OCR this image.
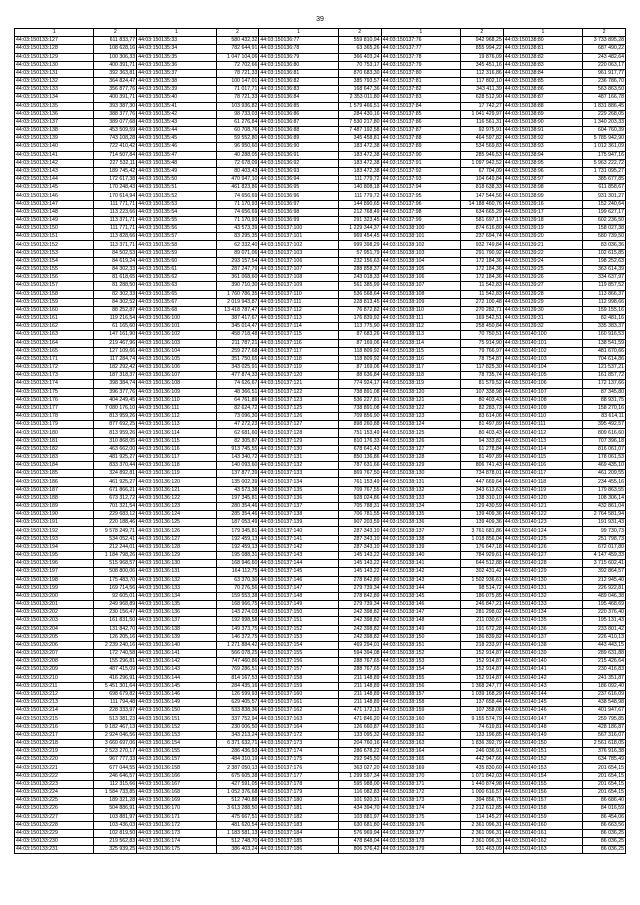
39
1	2	1	2	1	2	1	2	1	2
44:03:150133:127	611 833,77	44:03:150135:33	580 432,32	44:03:150136:77	559 810,94	44:03:150137:76	942 968,25	44:03:150138:80	3 733 895,28
44:03:150133:128	108 628,16	44:03:150135:34	782 644,91	44:03:150136:78	63 365,26	44:03:150137:77	855 994,22	44:03:150138:81	687 490,22
44:03:150133:129	100 306,33	44:03:150135:35	1 047 104,06	44:03:150136:79	366 403,24	44:03:150137:78	19 876,09	44:03:150138:82	243 482,64
44:03:150133:130	400 391,71	44:03:150135:36	72 702,66	44:03:150136:80	70 753,17	44:03:150137:79	345 451,16	44:03:150138:83	220 063,17
44:03:150133:131	392 363,81	44:03:150135:37	78 721,33	44:03:150136:81	870 683,30	44:03:150137:80	112 316,86	44:03:150138:84	961 917,77
44:03:150133:132	364 824,47	44:03:150135:38	100 147,01	44:03:150136:82	385 793,57	44:03:150137:81	117 802,10	44:03:150138:85	236 786,70
44:03:150133:133	356 877,76	44:03:150135:39	71 017,71	44:03:150136:83	168 647,36	44:03:150137:82	343 411,39	44:03:150138:86	563 863,50
44:03:150133:134	400 391,71	44:03:150135:40	78 721,33	44:03:150136:84	2 353 011,80	44:03:150137:83	628 512,90	44:03:150138:87	487 166,78
44:03:150133:135	393 387,30	44:03:150135:41	103 936,82	44:03:150136:85	1 579 466,51	44:03:150137:84	17 742,27	44:03:150138:88	1 831 886,45
44:03:150133:136	388 377,76	44:03:150135:42	98 733,03	44:03:150136:86	284 430,16	44:03:150137:85	1 041 429,97	44:03:150138:89	229 268,05
44:03:150133:137	389 077,68	44:03:150135:43	61 276,84	44:03:150136:87	7 530 217,80	44:03:150137:86	116 561,31	44:03:150138:90	1 340 203,33
44:03:150133:138	453 509,59	44:03:150135:44	60 708,76	44:03:150136:88	7 487 192,58	44:03:150137:87	92 975,91	44:03:150138:91	604 760,39
44:03:150133:139	743 108,28	44:03:150135:45	59 552,80	44:03:150136:89	345 458,81	44:03:150137:88	464 597,82	44:03:150138:92	5 785 942,90
44:03:150133:140	722 410,42	44:03:150135:46	96 950,60	44:03:150136:90	183 472,38	44:03:150137:89	534 569,83	44:03:150138:93	1 012 361,09
44:03:150133:141	714 507,84	44:03:150135:47	40 288,05	44:03:150136:91	183 472,38	44:03:150137:90	285 946,53	44:03:150138:94	175 947,16
44:03:150133:142	227 532,11	44:03:150135:48	72 678,09	44:03:150136:92	183 472,38	44:03:150137:91	1 097 942,52	44:03:150138:95	5 963 222,72
44:03:150133:143	189 745,42	44:03:150135:49	80 403,43	44:03:150136:93	183 472,38	44:03:150137:92	67 704,09	44:03:150138:96	1 731 095,27
44:03:150133:144	172 617,38	44:03:150135:50	470 947,10	44:03:150136:94	111 779,72	44:03:150137:93	104 649,84	44:03:150138:97	385 677,85
44:03:150133:145	170 248,43	44:03:150135:51	461 823,86	44:03:150136:95	140 808,18	44:03:150137:94	818 638,33	44:03:150138:98	611 858,67
44:03:150133:146	170 614,94	44:03:150135:52	74 656,69	44:03:150136:96	111 779,72	44:03:150137:95	147 544,56	44:03:150138:99	931 301,27
44:03:150133:147	111 771,71	44:03:150135:53	71 170,93	44:03:150136:97	144 890,65	44:03:150137:96	14 188 460,76	44:03:150139:16	152 240,64
44:03:150133:148	113 223,66	44:03:150135:54	74 656,69	44:03:150136:98	212 768,49	44:03:150137:98	634 665,29	44:03:150139:17	199 627,17
44:03:150133:149	113 371,71	44:03:150135:55	71 170,93	44:03:150136:99	291 323,45	44:03:150137:99	581 697,17	44:03:150139:18	602 236,50
44:03:150133:150	111 771,71	44:03:150135:56	43 573,39	44:03:150137:100	1 229 344,37	44:03:150138:100	874 616,80	44:03:150139:19	158 027,38
44:03:150133:151	113 828,66	44:03:150135:57	83 295,35	44:03:150137:101	969 454,45	44:03:150138:101	237 694,74	44:03:150139:20	580 739,50
44:03:150133:152	113 371,71	44:03:150135:58	62 332,40	44:03:150137:102	999 398,29	44:03:150138:102	932 749,84	44:03:150139:21	83 036,36
44:03:150133:153	84 502,53	44:03:150135:59	89 071,06	44:03:150137:103	57 951,79	44:03:150138:103	291 790,92	44:03:150139:22	102 615,85
44:03:150133:154	84 619,24	44:03:150135:60	293 157,54	44:03:150137:106	232 156,63	44:03:150138:104	172 184,36	44:03:150139:24	198 252,63
44:03:150133:155	84 302,33	44:03:150135:61	287 247,79	44:03:150137:107	288 858,37	44:03:150138:105	172 184,36	44:03:150139:25	363 614,39
44:03:150133:156	81 618,65	44:03:150135:62	361 068,60	44:03:150137:108	243 018,33	44:03:150138:106	172 184,36	44:03:150139:26	334 637,97
44:03:150133:157	81 288,50	44:03:150135:63	390 710,30	44:03:150137:109	561 385,99	44:03:150138:107	11 542,83	44:03:150139:27	119 857,52
44:03:150133:158	82 302,33	44:03:150135:65	1 760 786,35	44:03:150137:110	536 568,64	44:03:150138:108	11 542,83	44:03:150139:28	113 866,37
44:03:150133:159	84 302,52	44:03:150135:67	2 019 943,87	44:03:150137:111	228 813,45	44:03:150138:109	272 100,48	44:03:150139:29	112 998,66
44:03:150133:160	88 252,87	44:03:150135:68	13 418 787,47	44:03:150137:112	76 872,82	44:03:150138:110	270 282,71	44:03:150139:30	159 155,16
44:03:150133:161	119 216,54	44:03:150136:100	387 417,67	44:03:150137:113	176 839,92	44:03:150138:111	169 542,51	44:03:150139:31	82 481,16
44:03:150133:162	61 165,60	44:03:150136:101	345 014,47	44:03:150137:114	113 775,90	44:03:150138:112	258 450,84	44:03:150139:32	335 383,37
44:03:150133:163	147 161,90	44:03:150136:102	458 718,48	44:03:150137:115	87 683,26	44:03:150138:113	70 750,51	44:03:150140:100	160 916,53
44:03:150133:164	219 467,96	44:03:150136:103	211 787,21	44:03:150137:116	87 169,06	44:03:150138:114	75 914,90	44:03:150140:101	138 541,59
44:03:150133:165	127 109,66	44:03:150136:104	259 277,68	44:03:150137:117	118 809,92	44:03:150138:115	79 766,97	44:03:150140:102	481 670,66
44:03:150133:171	117 284,74	44:03:150136:105	351 750,65	44:03:150137:118	118 809,92	44:03:150138:116	78 754,87	44:03:150140:103	704 614,86
44:03:150133:172	182 292,42	44:03:150136:106	343 025,91	44:03:150137:119	87 169,06	44:03:150138:117	117 825,30	44:03:150140:104	121 537,21
44:03:150133:173	187 318,37	44:03:150136:107	477 874,33	44:03:150137:120	88 636,84	44:03:150138:118	78 735,74	44:03:150140:105	161 857,72
44:03:150133:174	398 384,74	44:03:150136:108	74 626,67	44:03:150137:121	774 924,17	44:03:150138:119	81 579,52	44:03:150140:106	172 137,66
44:03:150133:175	396 377,76	44:03:150136:109	48 366,51	44:03:150137:122	738 891,08	44:03:150138:120	107 338,98	44:03:150140:107	87 345,80
44:03:150133:176	404 249,45	44:03:150136:110	64 761,89	44:03:150137:123	536 227,81	44:03:150138:121	80 403,43	44:03:150140:108	88 931,75
44:03:150133:177	7 080 176,10	44:03:150136:111	82 624,72	44:03:150137:125	738 891,08	44:03:150138:122	82 283,73	44:03:150140:109	158 270,16
44:03:150133:178	813 959,26	44:03:150136:112	73 096,30	44:03:150137:126	709 856,90	44:03:150138:123	83 614,06	44:03:150140:110	83 614,11
44:03:150133:179	877 692,25	44:03:150136:113	47 272,23	44:03:150137:127	898 260,88	44:03:150138:124	81 497,89	44:03:150140:111	395 492,57
44:03:150133:180	813 959,26	44:03:150136:114	62 681,60	44:03:150137:128	751 153,49	44:03:150138:125	80 403,43	44:03:150140:112	809 616,60
44:03:150133:181	310 868,05	44:03:150136:115	82 305,87	44:03:150137:129	810 176,33	44:03:150138:126	94 333,82	44:03:150140:113	707 396,18
44:03:150133:182	463 662,00	44:03:150136:116	913 745,55	44:03:150137:130	678 641,43	44:03:150138:127	61 278,84	44:03:150140:114	816 061,07
44:03:150133:183	481 925,27	44:03:150136:117	143 340,72	44:03:150137:131	850 136,86	44:03:150138:128	81 497,89	44:03:150140:115	178 061,53
44:03:150133:184	833 370,44	44:03:150136:118	140 093,60	44:03:150137:132	787 631,66	44:03:150138:129	806 741,43	44:03:150140:116	469 435,10
44:03:150133:185	324 892,81	44:03:150136:119	137 877,39	44:03:150137:133	869 767,50	44:03:150138:130	734 878,01	44:03:150140:117	461 209,55
44:03:150133:186	461 925,27	44:03:150136:120	135 002,39	44:03:150137:134	761 153,49	44:03:150138:131	447 669,64	44:03:150140:118	234 455,16
44:03:150133:187	671 866,21	44:03:150136:121	43 573,38	44:03:150137:135	709 767,55	44:03:150138:132	343 613,63	44:03:150140:119	179 863,55
44:03:150133:188	673 312,72	44:03:150136:122	197 345,81	44:03:150137:136	928 024,86	44:03:150138:133	138 310,10	44:03:150140:120	108 306,14
44:03:150133:189	701 321,54	44:03:150136:123	280 354,46	44:03:150137:137	705 788,31	44:03:150138:134	129 430,59	44:03:150140:121	432 861,04
44:03:150133:190	229 683,12	44:03:150136:124	285 354,46	44:03:150137:138	706 781,55	44:03:150138:135	139 409,36	44:03:150140:122	2 764 581,94
44:03:150133:191	220 188,46	44:03:150136:125	187 053,49	44:03:150137:139	907 203,59	44:03:150138:136	139 409,36	44:03:150140:123	191 931,43
44:03:150133:192	9 578 249,71	44:03:150136:126	179 345,81	44:03:150137:140	287 343,10	44:03:150138:137	3 761 681,86	44:03:150140:124	99 730,73
44:03:150133:193	534 052,41	44:03:150136:127	192 459,13	44:03:150137:141	287 343,10	44:03:150138:138	1 018 856,04	44:03:150140:125	251 798,73
44:03:150133:194	212 244,01	44:03:150136:128	192 459,13	44:03:150137:142	287 343,10	44:03:150138:139	176 647,18	44:03:150140:126	672 017,80
44:03:150133:195	1 184 798,26	44:03:150136:129	195 088,31	44:03:150137:143	145 143,22	44:03:150138:140	784 929,61	44:03:150140:127	4 147 459,33
44:03:150133:196	515 968,57	44:03:150136:130	168 946,60	44:03:150137:144	145 143,22	44:03:150138:141	644 512,88	44:03:150140:128	3 715 602,41
44:03:150133:197	508 800,06	44:03:150136:131	164 112,75	44:03:150137:145	145 143,22	44:03:150138:142	302 431,42	44:03:150140:129	392 864,57
44:03:150133:198	175 483,70	44:03:150136:132	63 370,30	44:03:150137:146	278 842,89	44:03:150138:143	1 502 936,61	44:03:150140:130	212 945,40
44:03:150133:199	169 714,56	44:03:150136:133	70 276,56	44:03:150137:147	279 739,34	44:03:150138:144	98 514,72	44:03:150140:131	226 922,81
44:03:150133:200	92 605,01	44:03:150136:134	159 553,38	44:03:150137:148	278 842,89	44:03:150138:145	186 075,85	44:03:150140:132	489 046,38
44:03:150133:201	249 968,89	44:03:150136:135	168 966,75	44:03:150137:149	279 739,34	44:03:150138:146	246 847,21	44:03:150140:133	195 468,69
44:03:150133:202	230 156,47	44:03:150136:136	143 274,03	44:03:150137:150	242 398,82	44:03:150138:147	281 298,02	44:03:150140:134	220 376,40
44:03:150133:203	161 831,50	44:03:150136:137	192 998,58	44:03:150137:151	242 398,82	44:03:150138:148	211 030,67	44:03:150140:135	195 131,43
44:03:150133:204	131 842,70	44:03:150136:138	149 373,75	44:03:150137:152	242 398,82	44:03:150138:149	191 672,28	44:03:150140:136	233 801,42
44:03:150133:205	126 205,16	44:03:150136:139	146 372,75	44:03:150137:153	242 398,82	44:03:150138:150	186 839,82	44:03:150140:137	226 410,13
44:03:150133:206	2 239 240,16	44:03:150136:140	1 271 884,42	44:03:150137:154	469 294,01	44:03:150138:151	218 233,97	44:03:150140:138	443 443,15
44:03:150133:207	172 740,58	44:03:150136:141	566 078,25	44:03:150137:155	594 394,08	44:03:150138:152	152 914,87	44:03:150140:139	289 631,88
44:03:150133:208	155 296,81	44:03:150136:142	747 460,86	44:03:150137:156	288 767,65	44:03:150138:153	152 914,87	44:03:150140:140	215 426,64
44:03:150133:209	487 415,09	44:03:150136:143	769 286,51	44:03:150137:157	288 767,65	44:03:150138:154	152 914,87	44:03:150140:141	230 416,83
44:03:150133:210	416 296,91	44:03:150136:144	814 167,53	44:03:150137:158	211 148,89	44:03:150138:155	152 914,87	44:03:150140:142	241 351,87
44:03:150133:211	5 451 301,64	44:03:150136:145	284 435,16	44:03:150137:159	211 148,89	44:03:150138:156	1 368 247,77	44:03:150140:143	186 092,40
44:03:150133:212	698 679,82	44:03:150136:146	126 599,93	44:03:150137:160	211 148,89	44:03:150138:157	1 039 168,29	44:03:150140:144	237 616,09
44:03:150133:213	111 794,48	44:03:150136:149	629 405,57	44:03:150137:161	211 148,89	44:03:150138:158	137 658,44	44:03:150140:145	438 548,98
44:03:150133:214	228 333,97	44:03:150136:150	533 838,36	44:03:150137:162	471 172,13	44:03:150138:159	107 358,08	44:03:150140:146	401 947,67
44:03:150133:215	513 381,23	44:03:150136:151	337 752,94	44:03:150137:163	471 846,20	44:03:150138:160	9 155 574,79	44:03:150140:147	259 795,85
44:03:150133:216	9 182 467,13	44:03:150136:152	230 006,50	44:03:150137:164	126 660,87	44:03:150138:161	74 619,81	44:03:150140:148	428 186,87
44:03:150133:217	2 924 046,56	44:03:150136:153	343 213,24	44:03:150137:172	133 095,32	44:03:150138:162	133 196,85	44:03:150140:149	567 316,07
44:03:150133:218	3 660 697,06	44:03:150136:154	6 371 632,71	44:03:150137:173	204 760,16	44:03:150138:163	1 836 392,79	44:03:150140:150	2 561 618,05
44:03:150133:219	2 523 270,17	44:03:150136:155	286 436,93	44:03:150137:174	286 678,22	44:03:150138:164	246 036,91	44:03:150140:151	376 916,38
44:03:150133:220	967 777,33	44:03:150136:157	484 310,19	44:03:150137:175	292 945,50	44:03:150138:165	442 947,66	44:03:150140:152	634 785,49
44:03:150133:221	677 044,55	44:03:150136:158	2 387 050,13	44:03:150137:176	363 027,20	44:03:150138:169	435 830,60	44:03:150140:153	201 654,15
44:03:150133:222	246 646,57	44:03:150136:166	675 605,38	44:03:150137:177	1 299 597,34	44:03:150138:170	1 071 842,03	44:03:150140:154	201 654,15
44:03:150133:223	112 315,66	44:03:150136:167	427 591,05	44:03:150137:178	595 988,00	44:03:150138:171	1 440 874,98	44:03:150140:155	201 654,15
44:03:150133:224	1 584 733,85	44:03:150136:168	1 052 376,68	44:03:150137:179	116 082,83	44:03:150138:172	1 000 616,57	44:03:150140:156	201 654,15
44:03:150133:225	189 321,28	44:03:150136:169	512 740,88	44:03:150137:180	101 920,31	44:03:150138:173	394 856,75	44:03:150140:157	86 686,40
44:03:150133:226	504 886,91	44:03:150136:170	3 613 288,50	44:03:150137:181	434 394,70	44:03:150138:174	2 212 612,85	44:03:150140:158	84 016,59
44:03:150133:227	103 881,97	44:03:150136:171	475 667,51	44:03:150137:182	103 881,97	44:03:150138:175	114 145,27	44:03:150140:159	86 454,06
44:03:150133:228	103 436,03	44:03:150136:172	481 620,54	44:03:150137:183	630 681,80	44:03:150138:176	2 361 096,31	44:03:150140:160	86 663,56
44:03:150133:229	102 819,50	44:03:150136:173	1 183 581,13	44:03:150137:184	576 969,94	44:03:150138:177	2 361 096,31	44:03:150140:161	86 036,25
44:03:150133:230	219 562,83	44:03:150136:174	512 748,70	44:03:150137:185	478 848,04	44:03:150138:178	2 361 096,31	44:03:150140:162	86 036,25
44:03:150133:231	325 939,25	44:03:150136:175	386 403,24	44:03:150137:186	806 376,42	44:03:150138:179	931 463,09	44:03:150140:163	86 036,25
